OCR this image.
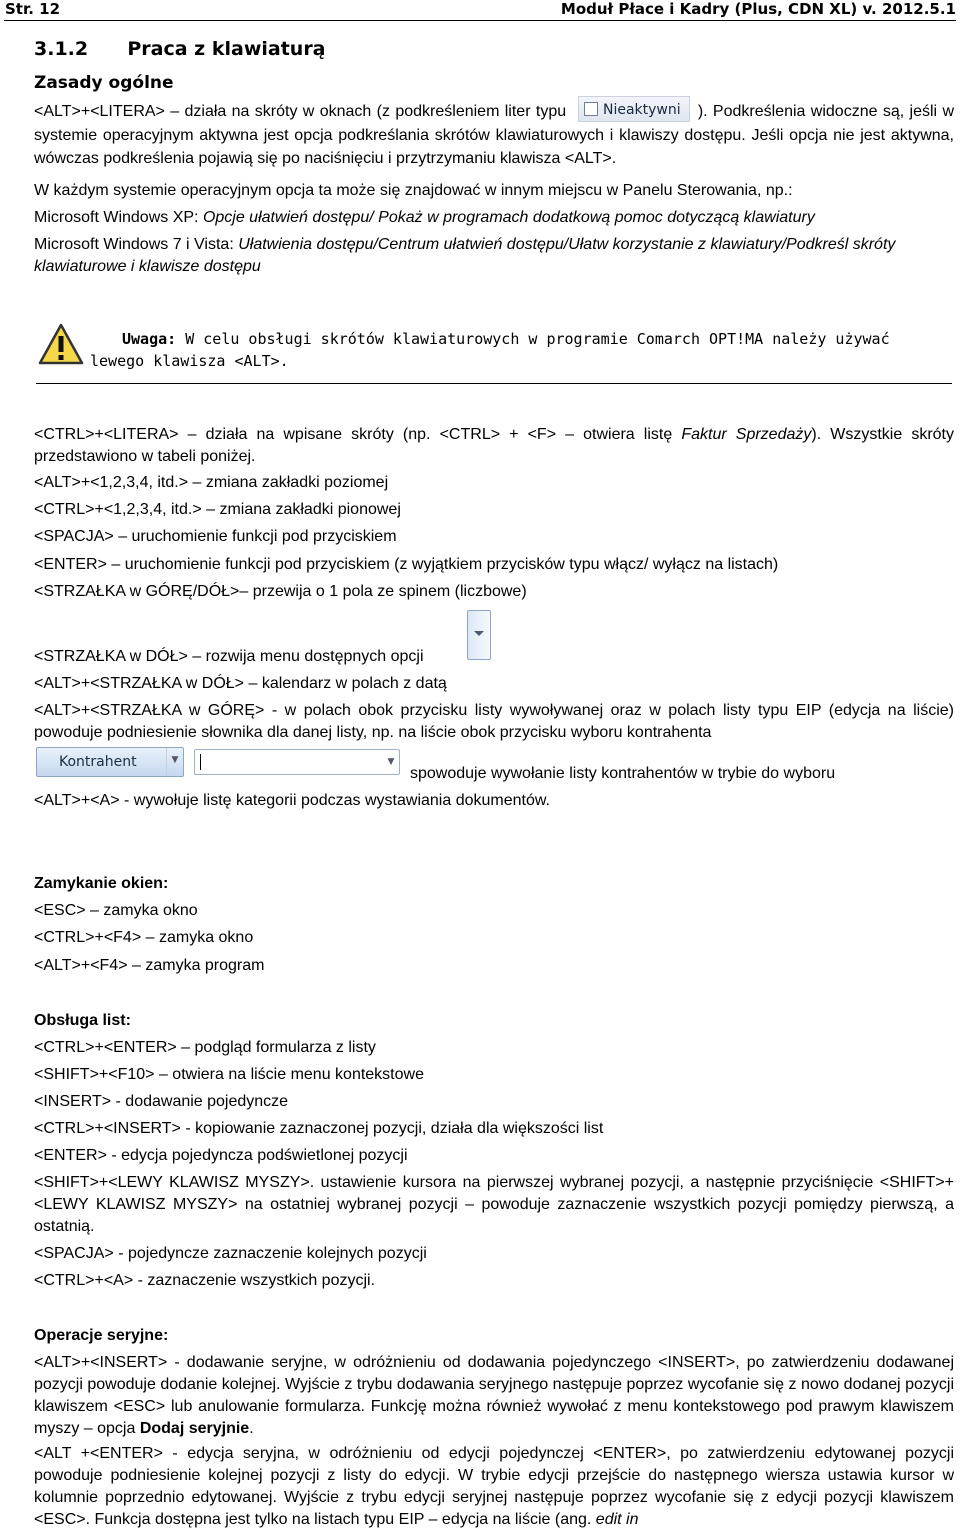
Str. 12	Moduł Płace i Kadry (Plus, CDN XL) v. 2012.5.1
3.1.2 Praca z klawiaturą
Zasady ogólne
<ALT>+<LITERA> – działa na skróty w oknach (z podkreśleniem liter typu	Nieaktywni ). Podkreślenia widoczne są, jeśli w systemie operacyjnym aktywna jest opcja podkreślania skrótów klawiaturowych i klawiszy dostępu. Jeśli opcja nie jest aktywna, wówczas podkreślenia pojawią się po naciśnięciu i przytrzymaniu klawisza <ALT>.
W każdym systemie operacyjnym opcja ta może się znajdować w innym miejscu w Panelu Sterowania, np.:
Microsoft Windows XP: Opcje ułatwień dostępu/ Pokaż w programach dodatkową pomoc dotyczącą klawiatury
Microsoft Windows 7 i Vista: Ułatwienia dostępu/Centrum ułatwień dostępu/Ułatw korzystanie z klawiatury/Podkreśl skróty klawiaturowe i klawisze dostępu
Uwaga: W celu obsługi skrótów klawiaturowych w programie Comarch OPT!MA należy używać lewego klawisza <ALT>.
<CTRL>+<LITERA> – działa na wpisane skróty (np. <CTRL> + <F> – otwiera listę Faktur Sprzedaży). Wszystkie skróty przedstawiono w tabeli poniżej.
<ALT>+<1,2,3,4, itd.> – zmiana zakładki poziomej
<CTRL>+<1,2,3,4, itd.> – zmiana zakładki pionowej
<SPACJA> – uruchomienie funkcji pod przyciskiem
<ENTER> – uruchomienie funkcji pod przyciskiem (z wyjątkiem przycisków typu włącz/ wyłącz na listach)
<STRZAŁKA w GÓRĘ/DÓŁ>– przewija o 1 pola ze spinem (liczbowe)
<STRZAŁKA w DÓŁ> – rozwija menu dostępnych opcji
<ALT>+<STRZAŁKA w DÓŁ> – kalendarz w polach z datą
<ALT>+<STRZAŁKA w GÓRĘ> - w polach obok przycisku listy wywoływanej oraz w polach listy typu EIP (edycja na liście) powoduje podniesienie słownika dla danej listy, np. na liście obok przycisku wyboru kontrahenta
Kontrahent	▼	▼
spowoduje wywołanie listy kontrahentów w trybie do wyboru
<ALT>+<A> - wywołuje listę kategorii podczas wystawiania dokumentów.
Zamykanie okien:
<ESC> – zamyka okno
<CTRL>+<F4> – zamyka okno
<ALT>+<F4> – zamyka program
Obsługa list:
<CTRL>+<ENTER> – podgląd formularza z listy
<SHIFT>+<F10> – otwiera na liście menu kontekstowe
<INSERT> - dodawanie pojedyncze
<CTRL>+<INSERT> - kopiowanie zaznaczonej pozycji, działa dla większości list
<ENTER> - edycja pojedyncza podświetlonej pozycji
<SHIFT>+<LEWY KLAWISZ MYSZY>. ustawienie kursora na pierwszej wybranej pozycji, a następnie przyciśnięcie <SHIFT>+<LEWY KLAWISZ MYSZY> na ostatniej wybranej pozycji – powoduje zaznaczenie wszystkich pozycji pomiędzy pierwszą, a ostatnią.
<SPACJA> - pojedyncze zaznaczenie kolejnych pozycji
<CTRL>+<A> - zaznaczenie wszystkich pozycji.
Operacje seryjne:
<ALT>+<INSERT> - dodawanie seryjne, w odróżnieniu od dodawania pojedynczego <INSERT>, po zatwierdzeniu dodawanej pozycji powoduje dodanie kolejnej. Wyjście z trybu dodawania seryjnego następuje poprzez wycofanie się z nowo dodanej pozycji klawiszem <ESC> lub anulowanie formularza. Funkcję można również wywołać z menu kontekstowego pod prawym klawiszem myszy – opcja Dodaj seryjnie.
<ALT +<ENTER> - edycja seryjna, w odróżnieniu od edycji pojedynczej <ENTER>, po zatwierdzeniu edytowanej pozycji powoduje podniesienie kolejnej pozycji z listy do edycji. W trybie edycji przejście do następnego wiersza ustawia kursor w kolumnie poprzednio edytowanej. Wyjście z trybu edycji seryjnej następuje poprzez wycofanie się z edycji pozycji klawiszem <ESC>. Funkcja dostępna jest tylko na listach typu EIP – edycja na liście (ang. edit in
